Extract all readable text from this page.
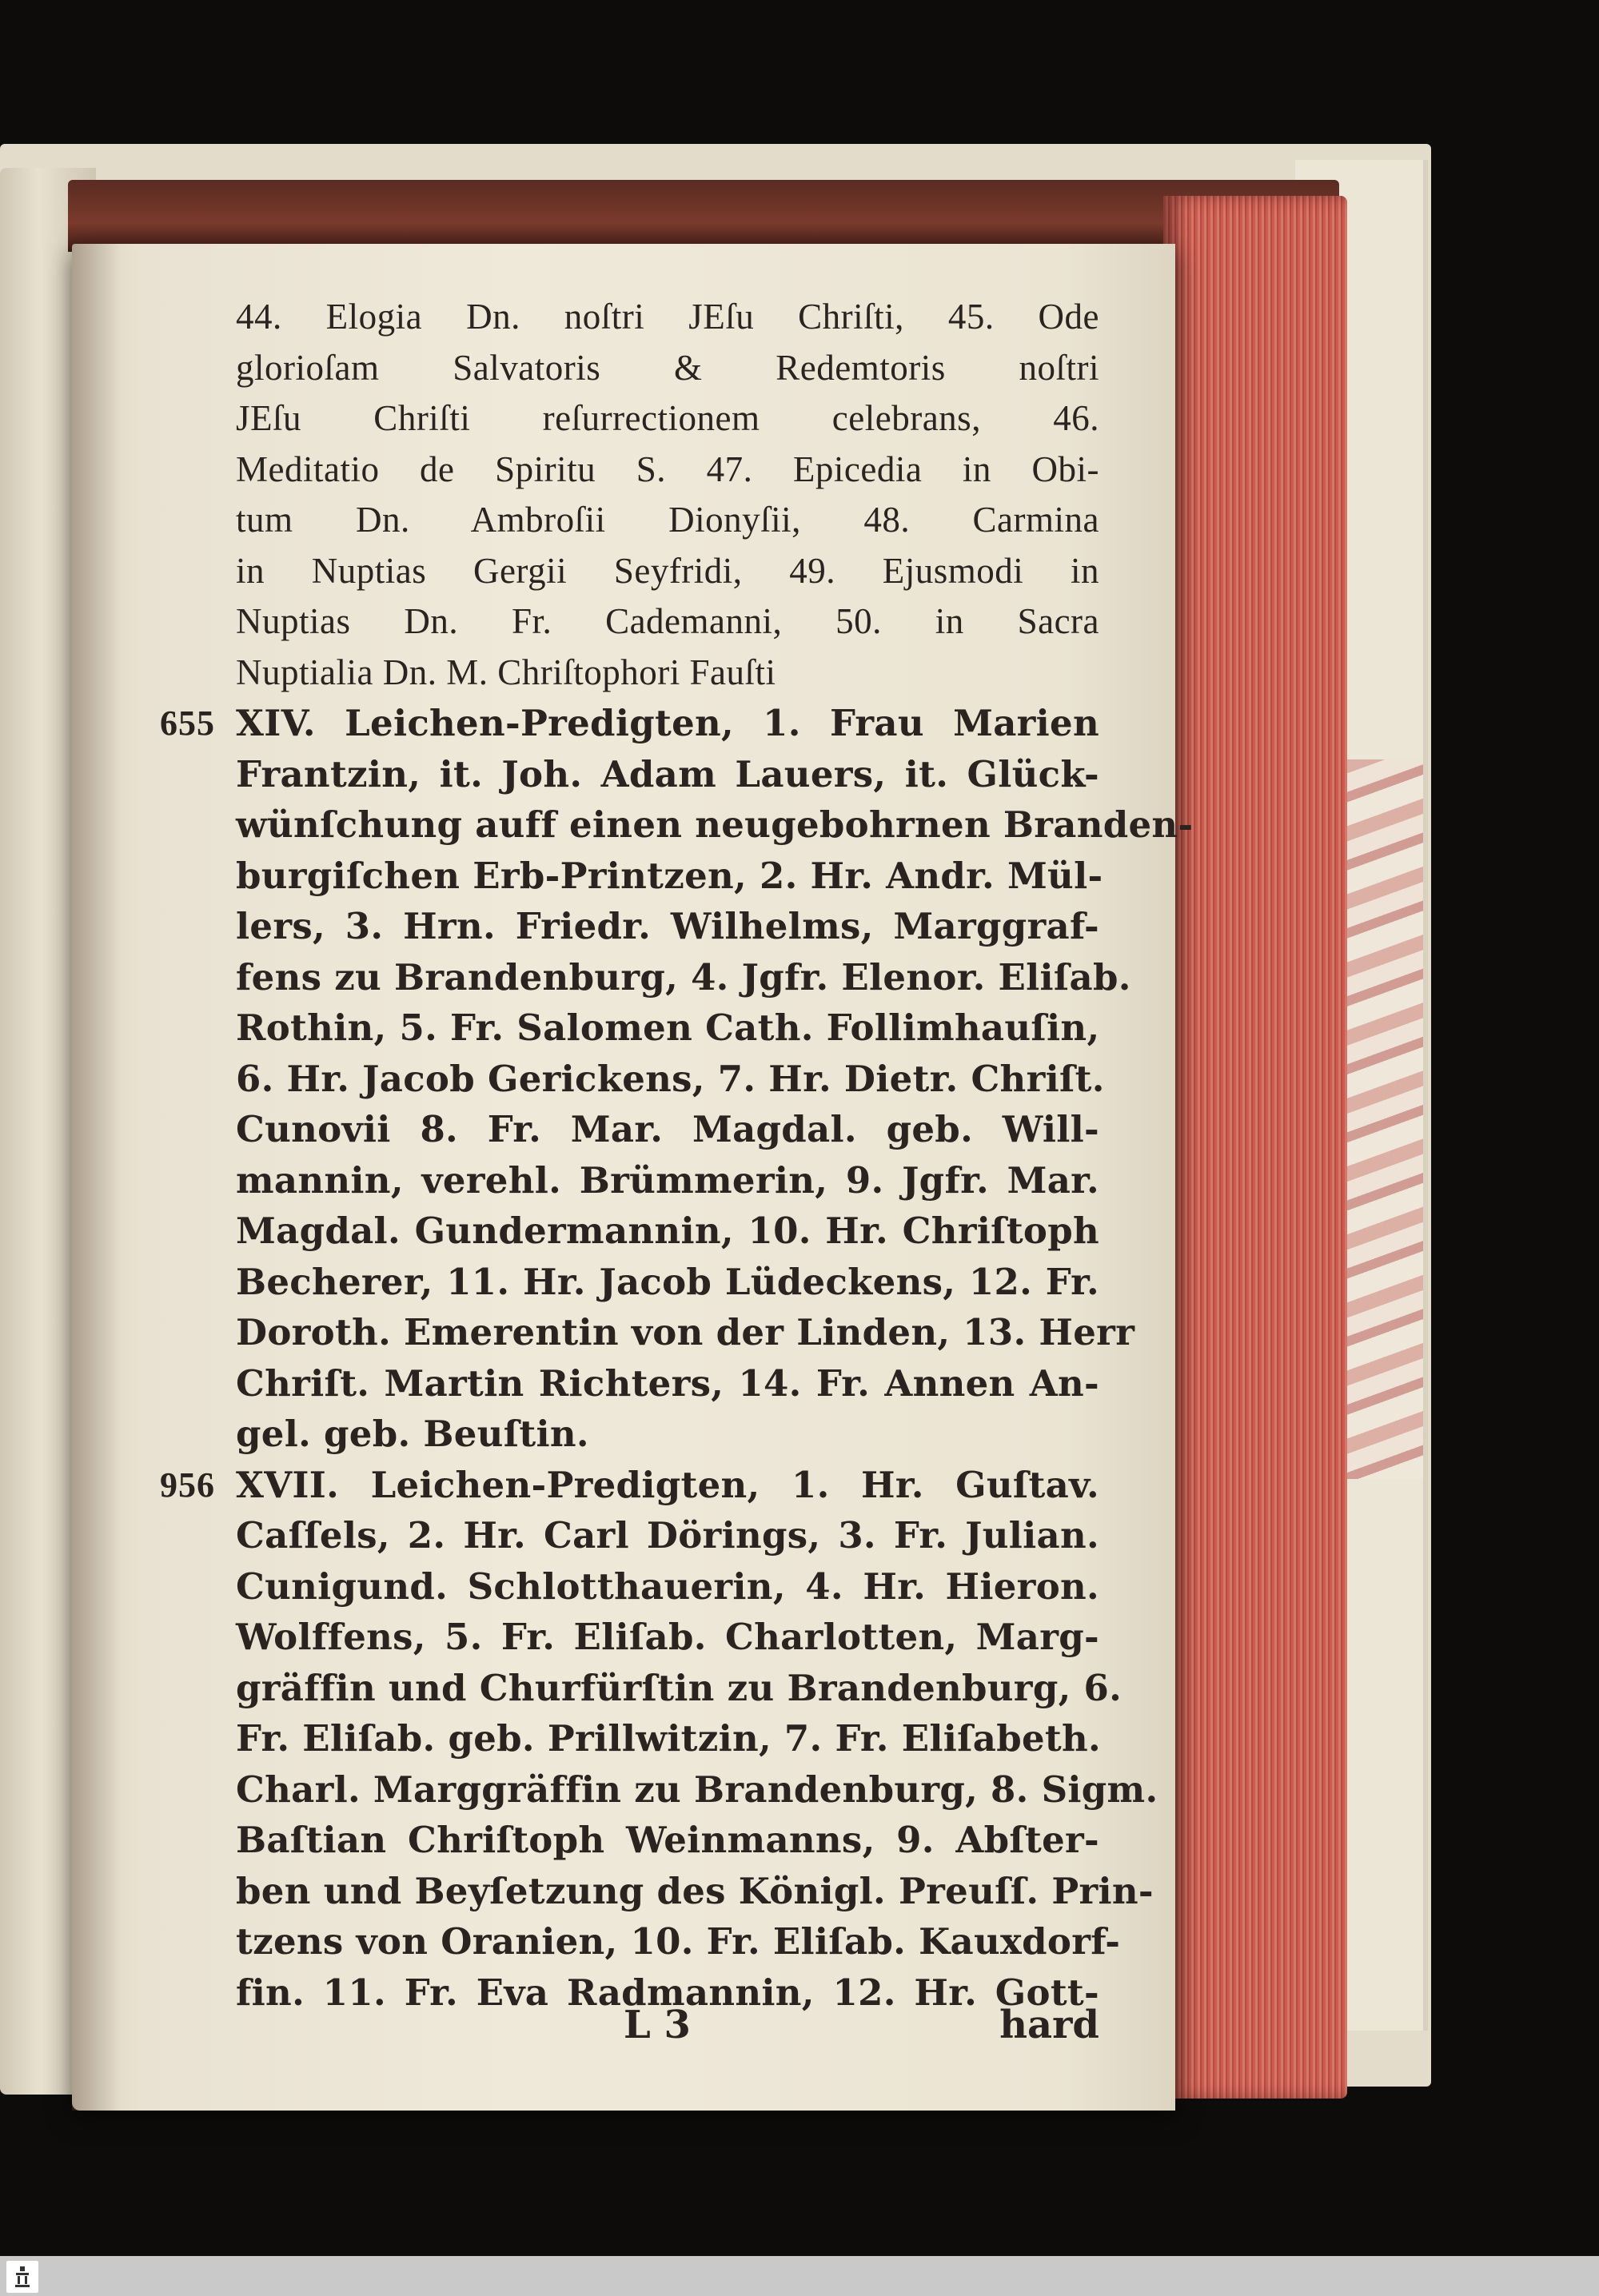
44. Elogia Dn. noſtri JEſu Chriſti, 45. Ode
glorioſam Salvatoris & Redemtoris noſtri
JEſu Chriſti reſurrectionem celebrans, 46.
Meditatio de Spiritu S. 47. Epicedia in Obi-
tum Dn. Ambroſii Dionyſii, 48. Carmina
in Nuptias Gergii Seyfridi, 49. Ejusmodi in
Nuptias Dn. Fr. Cademanni, 50. in Sacra
Nuptialia Dn. M. Chriſtophori Fauſti
XIV. Leichen-Predigten, 1. Frau Marien
655
Frantzin, it. Joh. Adam Lauers, it. Glück-
wünſchung auff einen neugebohrnen Branden-
burgiſchen Erb-Printzen, 2. Hr. Andr. Mül-
lers, 3. Hrn. Friedr. Wilhelms, Marggraf-
fens zu Brandenburg, 4. Jgfr. Elenor. Eliſab.
Rothin, 5. Fr. Salomen Cath. Follimhauſin,
6. Hr. Jacob Gerickens, 7. Hr. Dietr. Chriſt.
Cunovii 8. Fr. Mar. Magdal. geb. Will-
mannin, verehl. Brümmerin, 9. Jgfr. Mar.
Magdal. Gundermannin, 10. Hr. Chriſtoph
Becherer, 11. Hr. Jacob Lüdeckens, 12. Fr.
Doroth. Emerentin von der Linden, 13. Herr
Chriſt. Martin Richters, 14. Fr. Annen An-
gel. geb. Beuſtin.
XVII. Leichen-Predigten, 1. Hr. Guſtav.
956
Caſſels, 2. Hr. Carl Dörings, 3. Fr. Julian.
Cunigund. Schlotthauerin, 4. Hr. Hieron.
Wolffens, 5. Fr. Eliſab. Charlotten, Marg-
gräffin und Churfürſtin zu Brandenburg, 6.
Fr. Eliſab. geb. Prillwitzin, 7. Fr. Eliſabeth.
Charl. Marggräffin zu Brandenburg, 8. Sigm.
Baſtian Chriſtoph Weinmanns, 9. Abſter-
ben und Beyſetzung des Königl. Preuſſ. Prin-
tzens von Oranien, 10. Fr. Eliſab. Kauxdorf-
fin. 11. Fr. Eva Radmannin, 12. Hr. Gott-
L 3	hard
